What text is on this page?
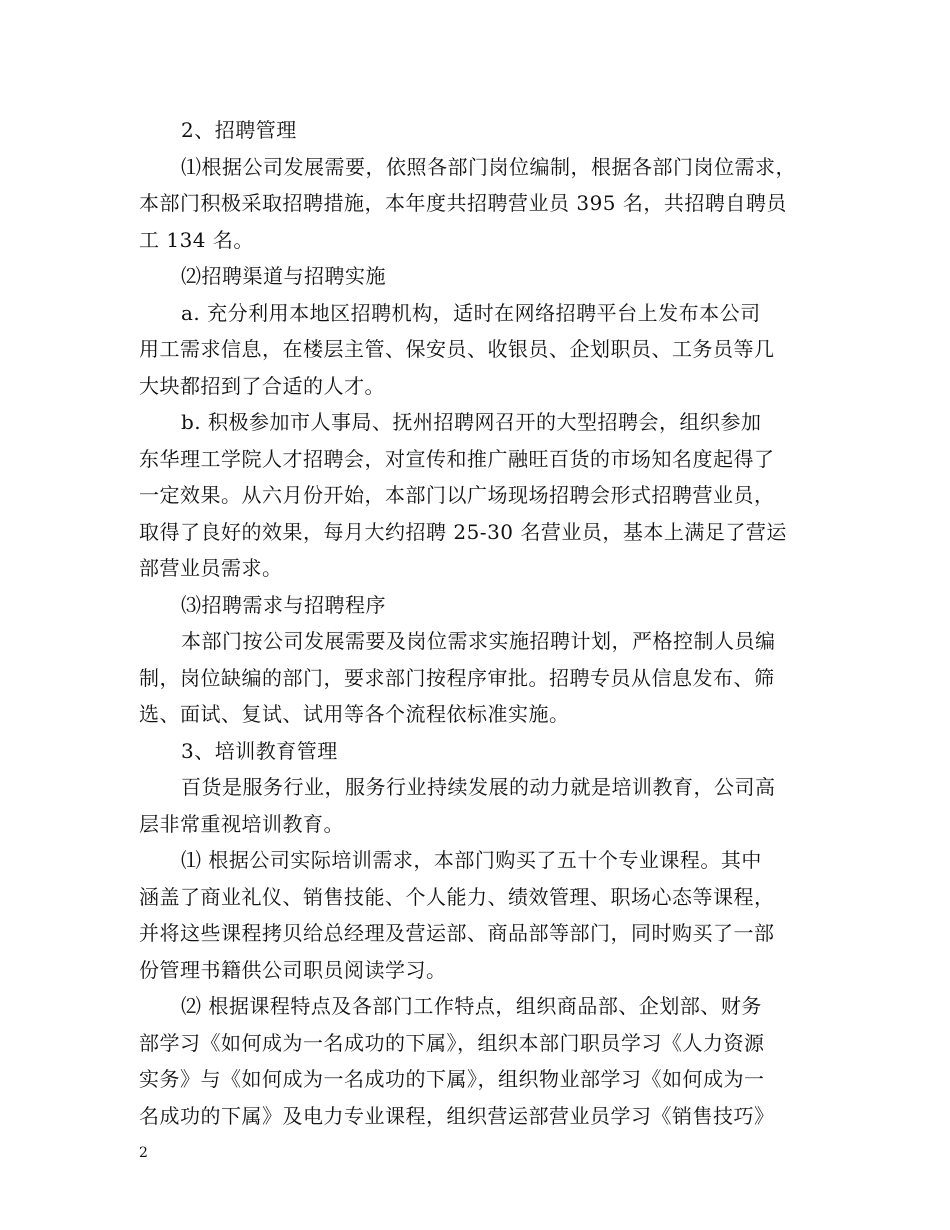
2、招聘管理
⑴根据公司发展需要，依照各部门岗位编制，根据各部门岗位需求，
本部门积极采取招聘措施，本年度共招聘营业员 395 名，共招聘自聘员
工 134 名。
⑵招聘渠道与招聘实施
a. 充分利用本地区招聘机构，适时在网络招聘平台上发布本公司
用工需求信息，在楼层主管、保安员、收银员、企划职员、工务员等几
大块都招到了合适的人才。
b. 积极参加市人事局、抚州招聘网召开的大型招聘会，组织参加
东华理工学院人才招聘会，对宣传和推广融旺百货的市场知名度起得了
一定效果。从六月份开始，本部门以广场现场招聘会形式招聘营业员，
取得了良好的效果，每月大约招聘 25-30 名营业员，基本上满足了营运
部营业员需求。
⑶招聘需求与招聘程序
本部门按公司发展需要及岗位需求实施招聘计划，严格控制人员编
制，岗位缺编的部门，要求部门按程序审批。招聘专员从信息发布、筛
选、面试、复试、试用等各个流程依标准实施。
3、培训教育管理
百货是服务行业，服务行业持续发展的动力就是培训教育，公司高
层非常重视培训教育。
⑴ 根据公司实际培训需求，本部门购买了五十个专业课程。其中
涵盖了商业礼仪、销售技能、个人能力、绩效管理、职场心态等课程，
并将这些课程拷贝给总经理及营运部、商品部等部门，同时购买了一部
份管理书籍供公司职员阅读学习。
⑵ 根据课程特点及各部门工作特点，组织商品部、企划部、财务
部学习《如何成为一名成功的下属》，组织本部门职员学习《人力资源
实务》与《如何成为一名成功的下属》，组织物业部学习《如何成为一
名成功的下属》及电力专业课程，组织营运部营业员学习《销售技巧》
2
